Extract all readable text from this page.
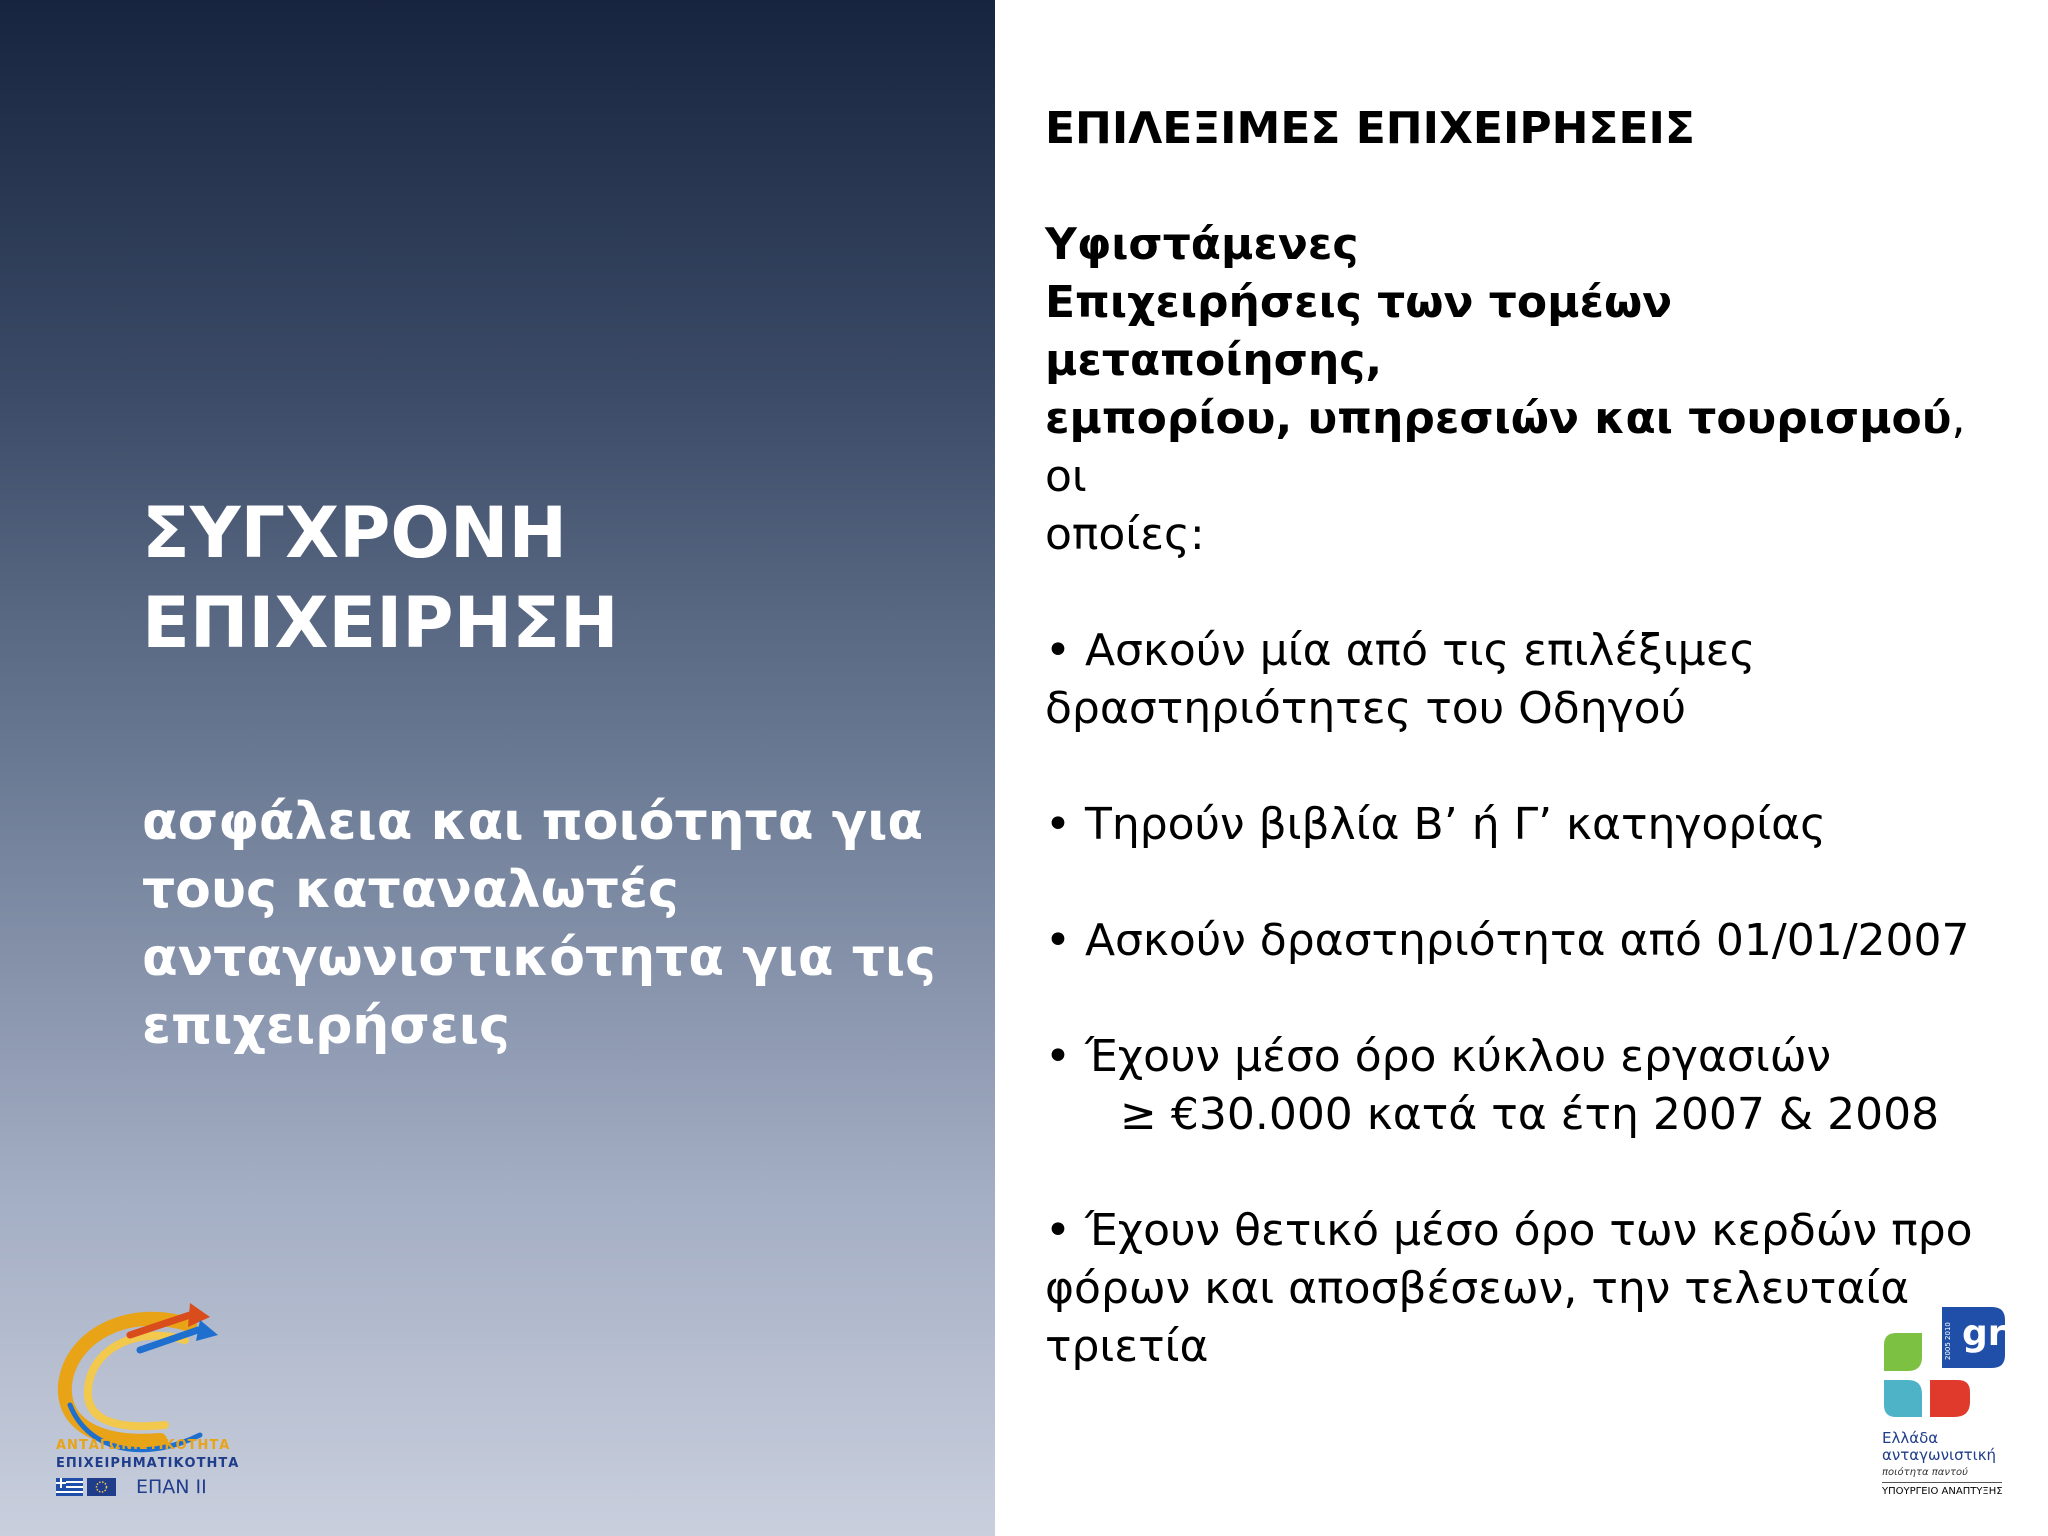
ΣΥΓΧΡΟΝΗ
ΕΠΙΧΕΙΡΗΣΗ
ασφάλεια και ποιότητα για
τους καταναλωτές
ανταγωνιστικότητα για τις
επιχειρήσεις
ΕΠΙΛΕΞΙΜΕΣ ΕΠΙΧΕΙΡΗΣΕΙΣ
Υφιστάμενες
Επιχειρήσεις των τομέων μεταποίησης,
εμπορίου, υπηρεσιών και τουρισμού, οι
οποίες:
• Ασκούν μία από τις επιλέξιμες
δραστηριότητες του Οδηγού
• Τηρούν βιβλία Β’ ή Γ’ κατηγορίας
• Ασκούν δραστηριότητα από 01/01/2007
• Έχουν μέσο όρο κύκλου εργασιών
≥ €30.000 κατά τα έτη 2007 & 2008
• Έχουν θετικό μέσο όρο των κερδών προ
φόρων και αποσβέσεων, την τελευταία
τριετία
ΑΝΤΑΓΩΝΙΣΤΙΚΟΤΗΤΑ
ΕΠΙΧΕΙΡΗΜΑΤΙΚΟΤΗΤΑ
ΕΠΑΝ ΙΙ
gr
2005 2010
Ελλάδα
ανταγωνιστική
ποιότητα παντού
ΥΠΟΥΡΓΕΙΟ ΑΝΑΠΤΥΞΗΣ
